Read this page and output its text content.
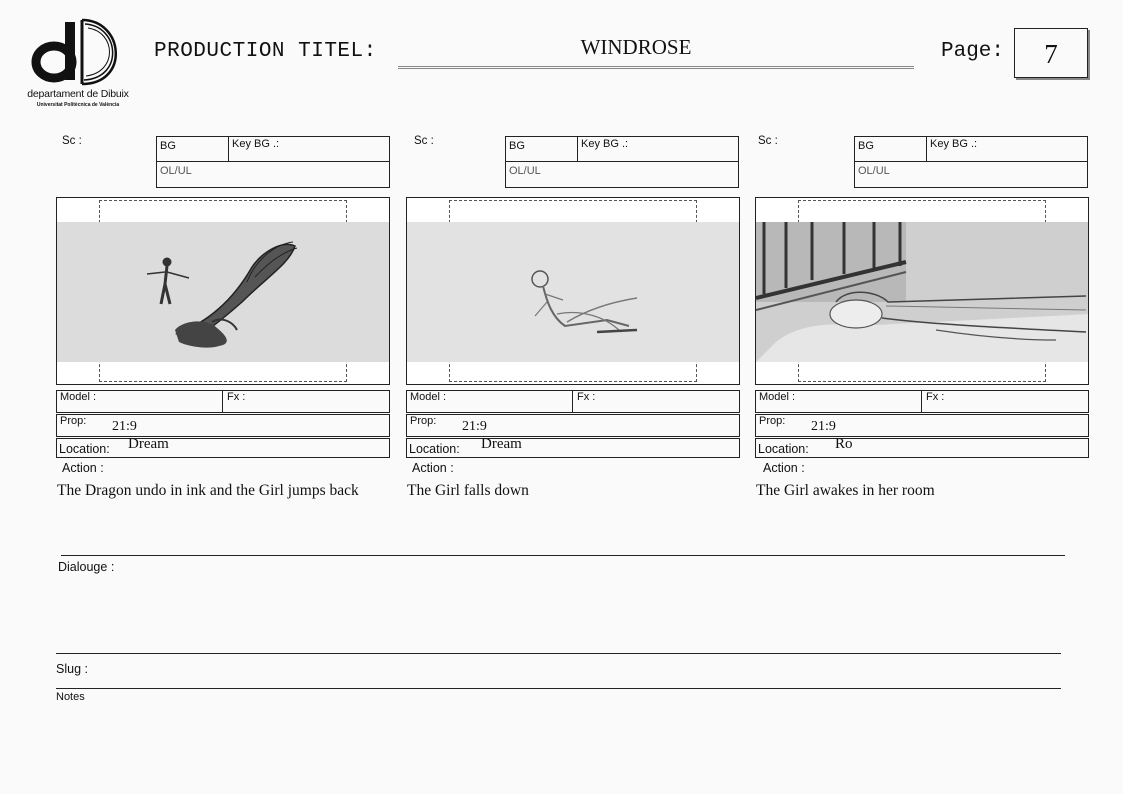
departament de Dibuix
Universitat Politècnica de València
PRODUCTION TITEL:	WINDROSE	Page:	7
Sc :	BG	Key BG .:
OL/UL
Model :	Fx :
Prop: 21:9
Location: Dream
Action :
The Dragon undo in ink and the Girl jumps back
Sc :	BG	Key BG .:
OL/UL
Model :	Fx :
Prop: 21:9
Location: Dream
Action :
The Girl falls down
Sc :	BG	Key BG .:
OL/UL
Model :	Fx :
Prop: 21:9
Location: Ro
Action :
The Girl awakes in her room
Dialouge :
Slug :
Notes
